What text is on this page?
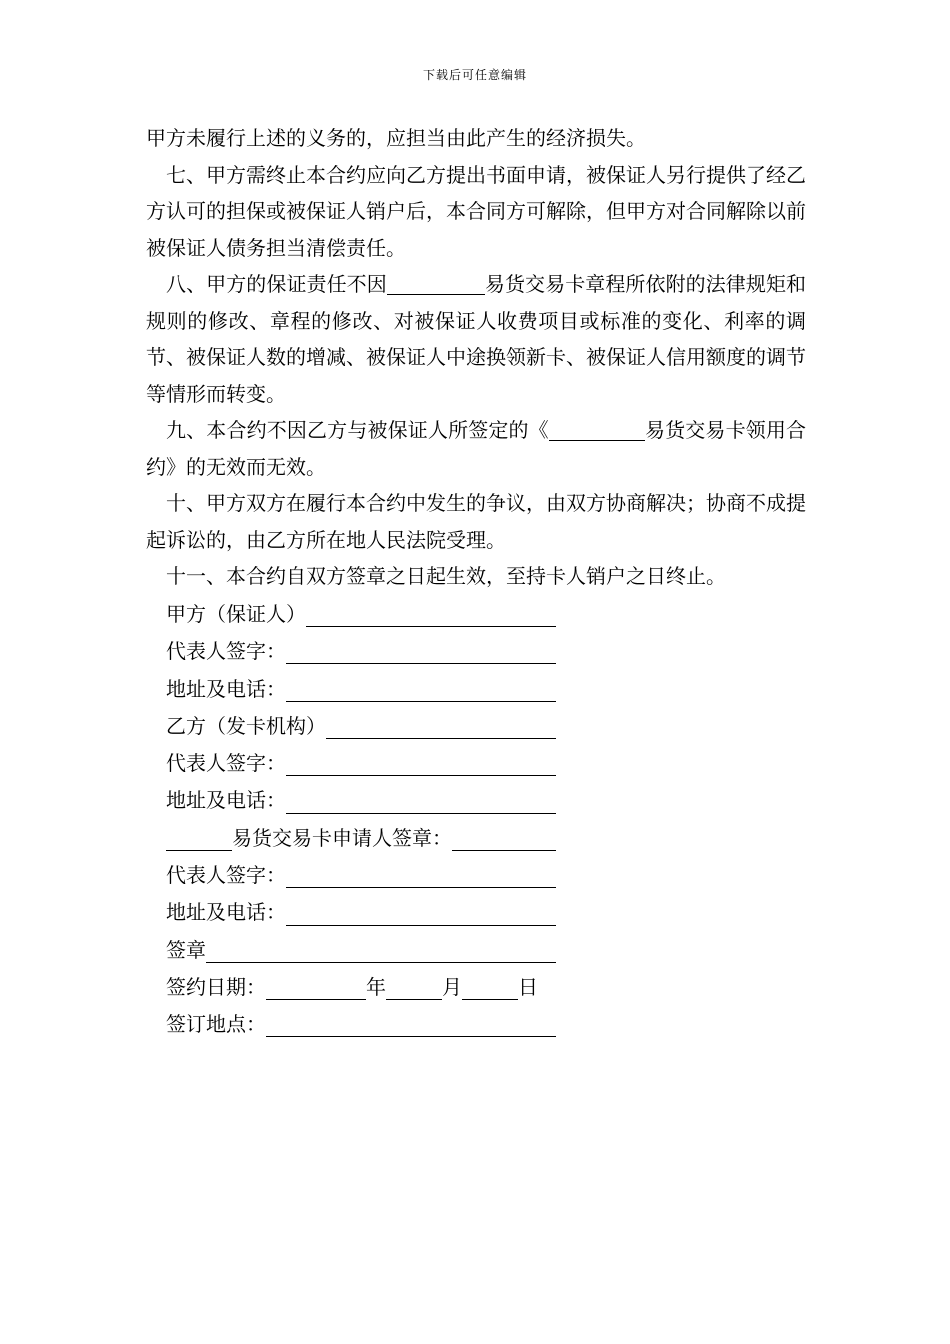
下载后可任意编辑

甲方未履行上述的义务的，应担当由此产生的经济损失。

七、甲方需终止本合约应向乙方提出书面申请，被保证人另行提供了经乙方认可的担保或被保证人销户后，本合同方可解除，但甲方对合同解除以前被保证人债务担当清偿责任。

八、甲方的保证责任不因	易货交易卡章程所依附的法律规矩和规则的修改、章程的修改、对被保证人收费项目或标准的变化、利率的调节、被保证人数的增减、被保证人中途换领新卡、被保证人信用额度的调节等情形而转变。

九、本合约不因乙方与被保证人所签定的《	易货交易卡领用合约》的无效而无效。

十、甲方双方在履行本合约中发生的争议，由双方协商解决；协商不成提起诉讼的，由乙方所在地人民法院受理。

十一、本合约自双方签章之日起生效，至持卡人销户之日终止。

甲方（保证人）
代表人签字：
地址及电话：
乙方（发卡机构）
代表人签字：
地址及电话：
易货交易卡申请人签章：
代表人签字：
地址及电话：
签章
签约日期：	年	月	日
签订地点：
